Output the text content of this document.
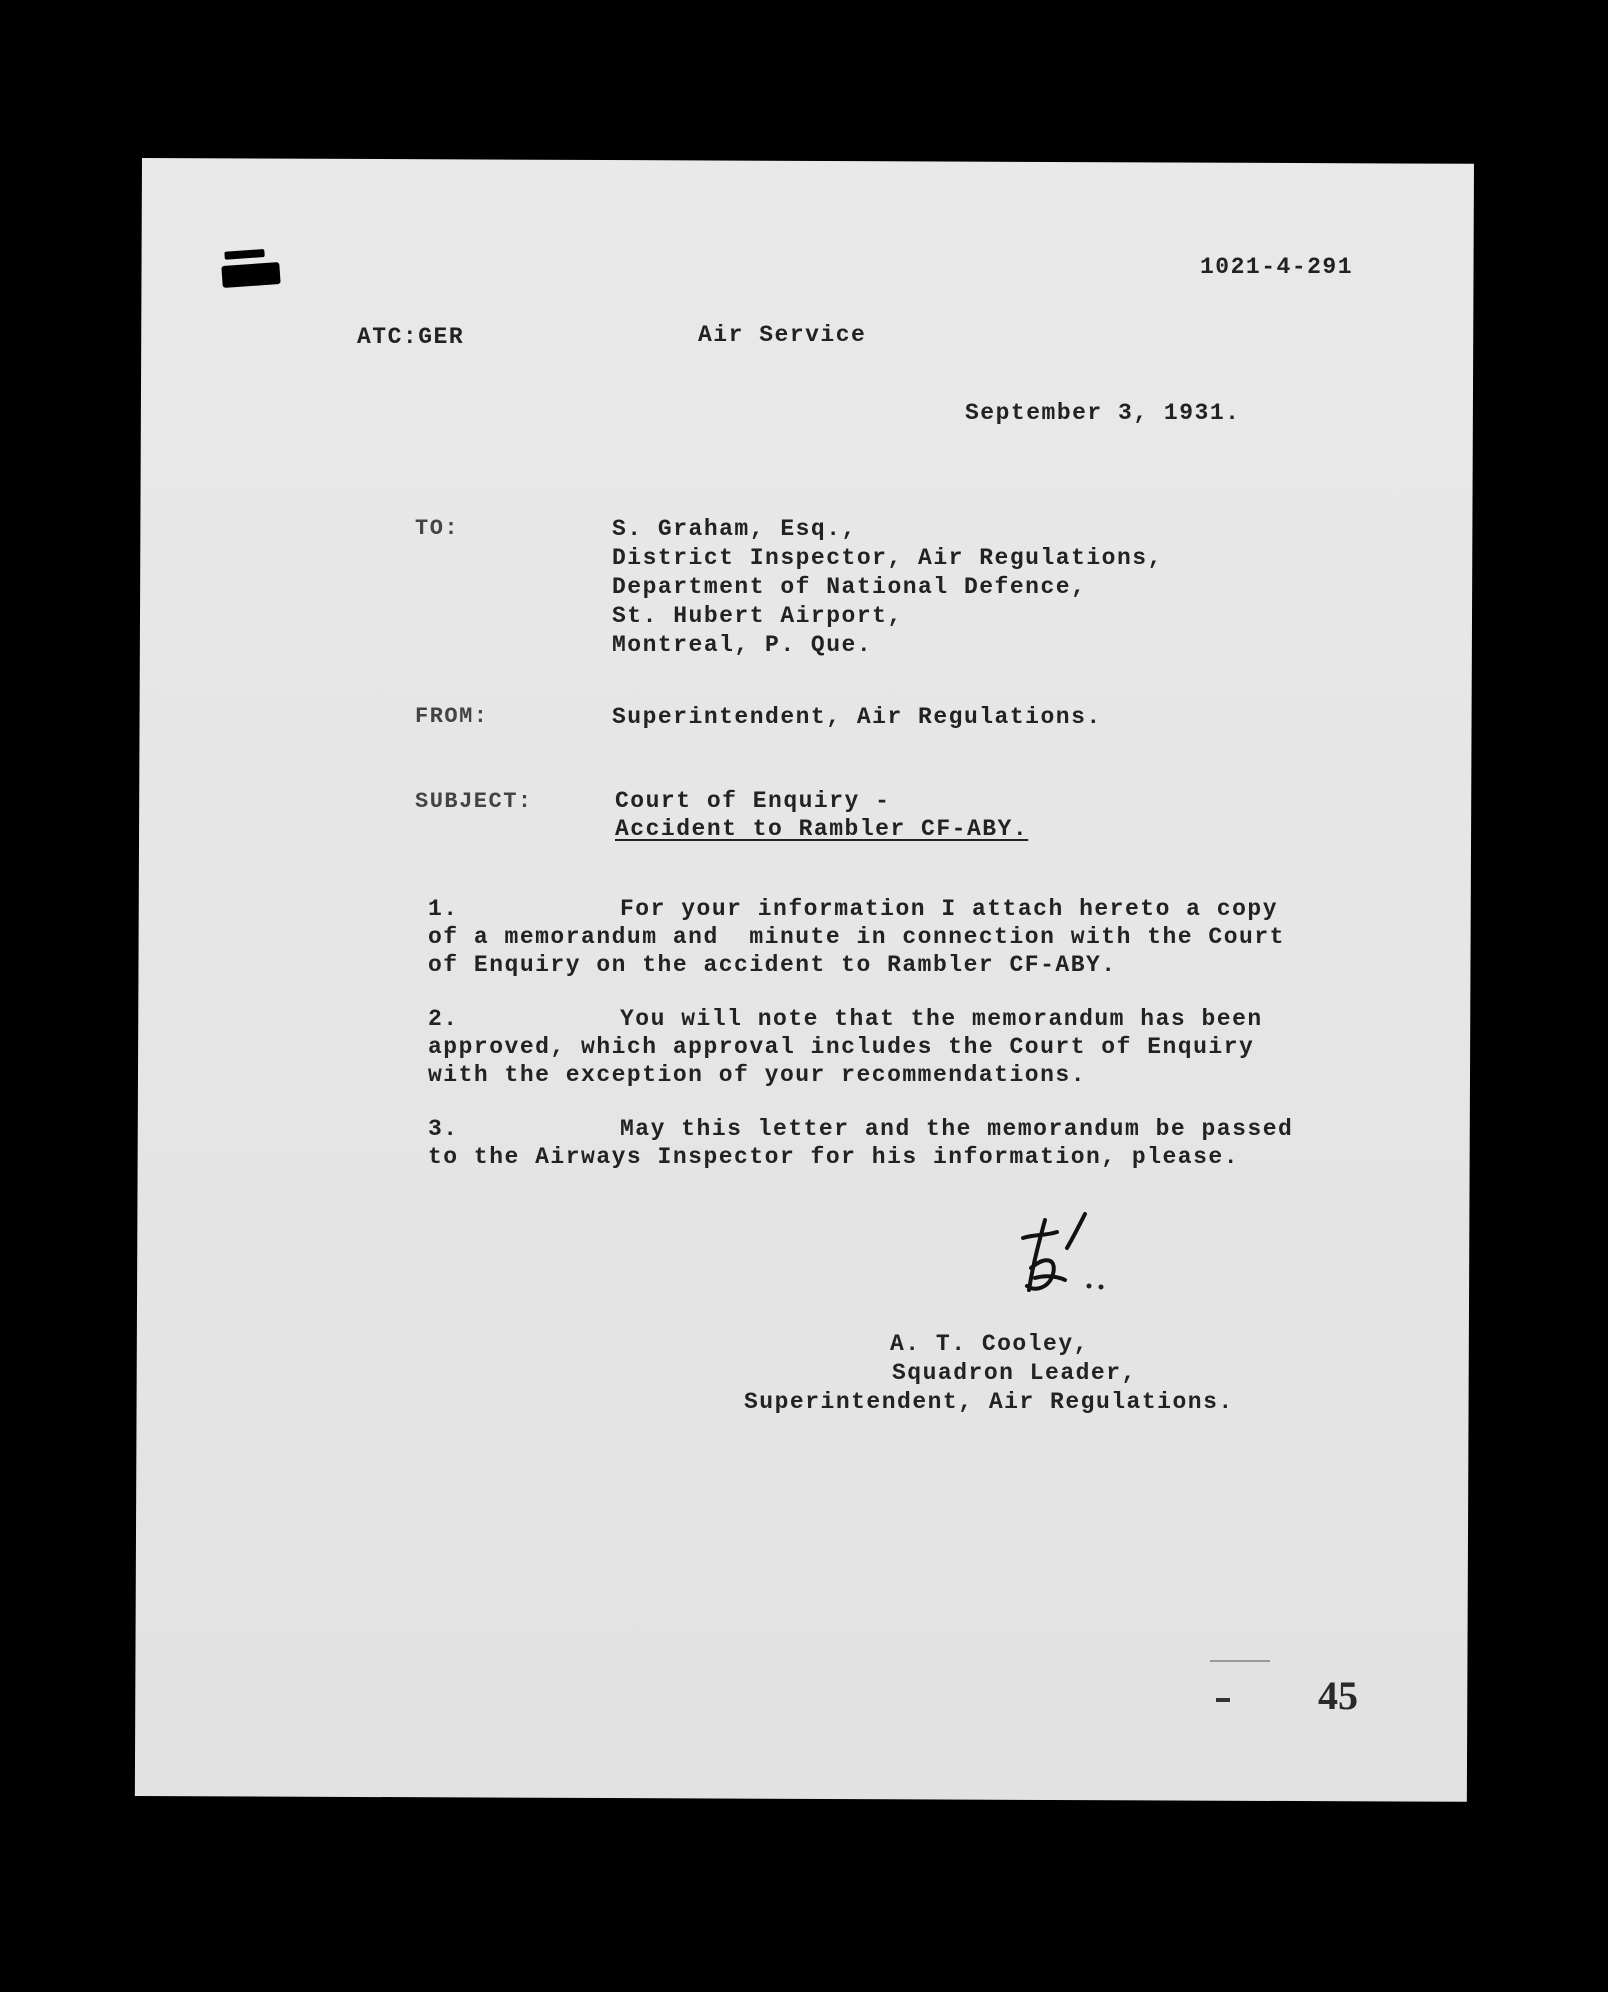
1021-4-291
ATC:GER	Air Service
September 3, 1931.
TO:	S. Graham, Esq.,
District Inspector, Air Regulations,
Department of National Defence,
St. Hubert Airport,
Montreal, P. Que.
FROM:	Superintendent, Air Regulations.
SUBJECT:	Court of Enquiry -
Accident to Rambler CF-ABY.
1.	For your information I attach hereto a copy
of a memorandum and  minute in connection with the Court
of Enquiry on the accident to Rambler CF-ABY.
2.	You will note that the memorandum has been
approved, which approval includes the Court of Enquiry
with the exception of your recommendations.
3.	May this letter and the memorandum be passed
to the Airways Inspector for his information, please.
A. T. Cooley,
Squadron Leader,
Superintendent, Air Regulations.
45
